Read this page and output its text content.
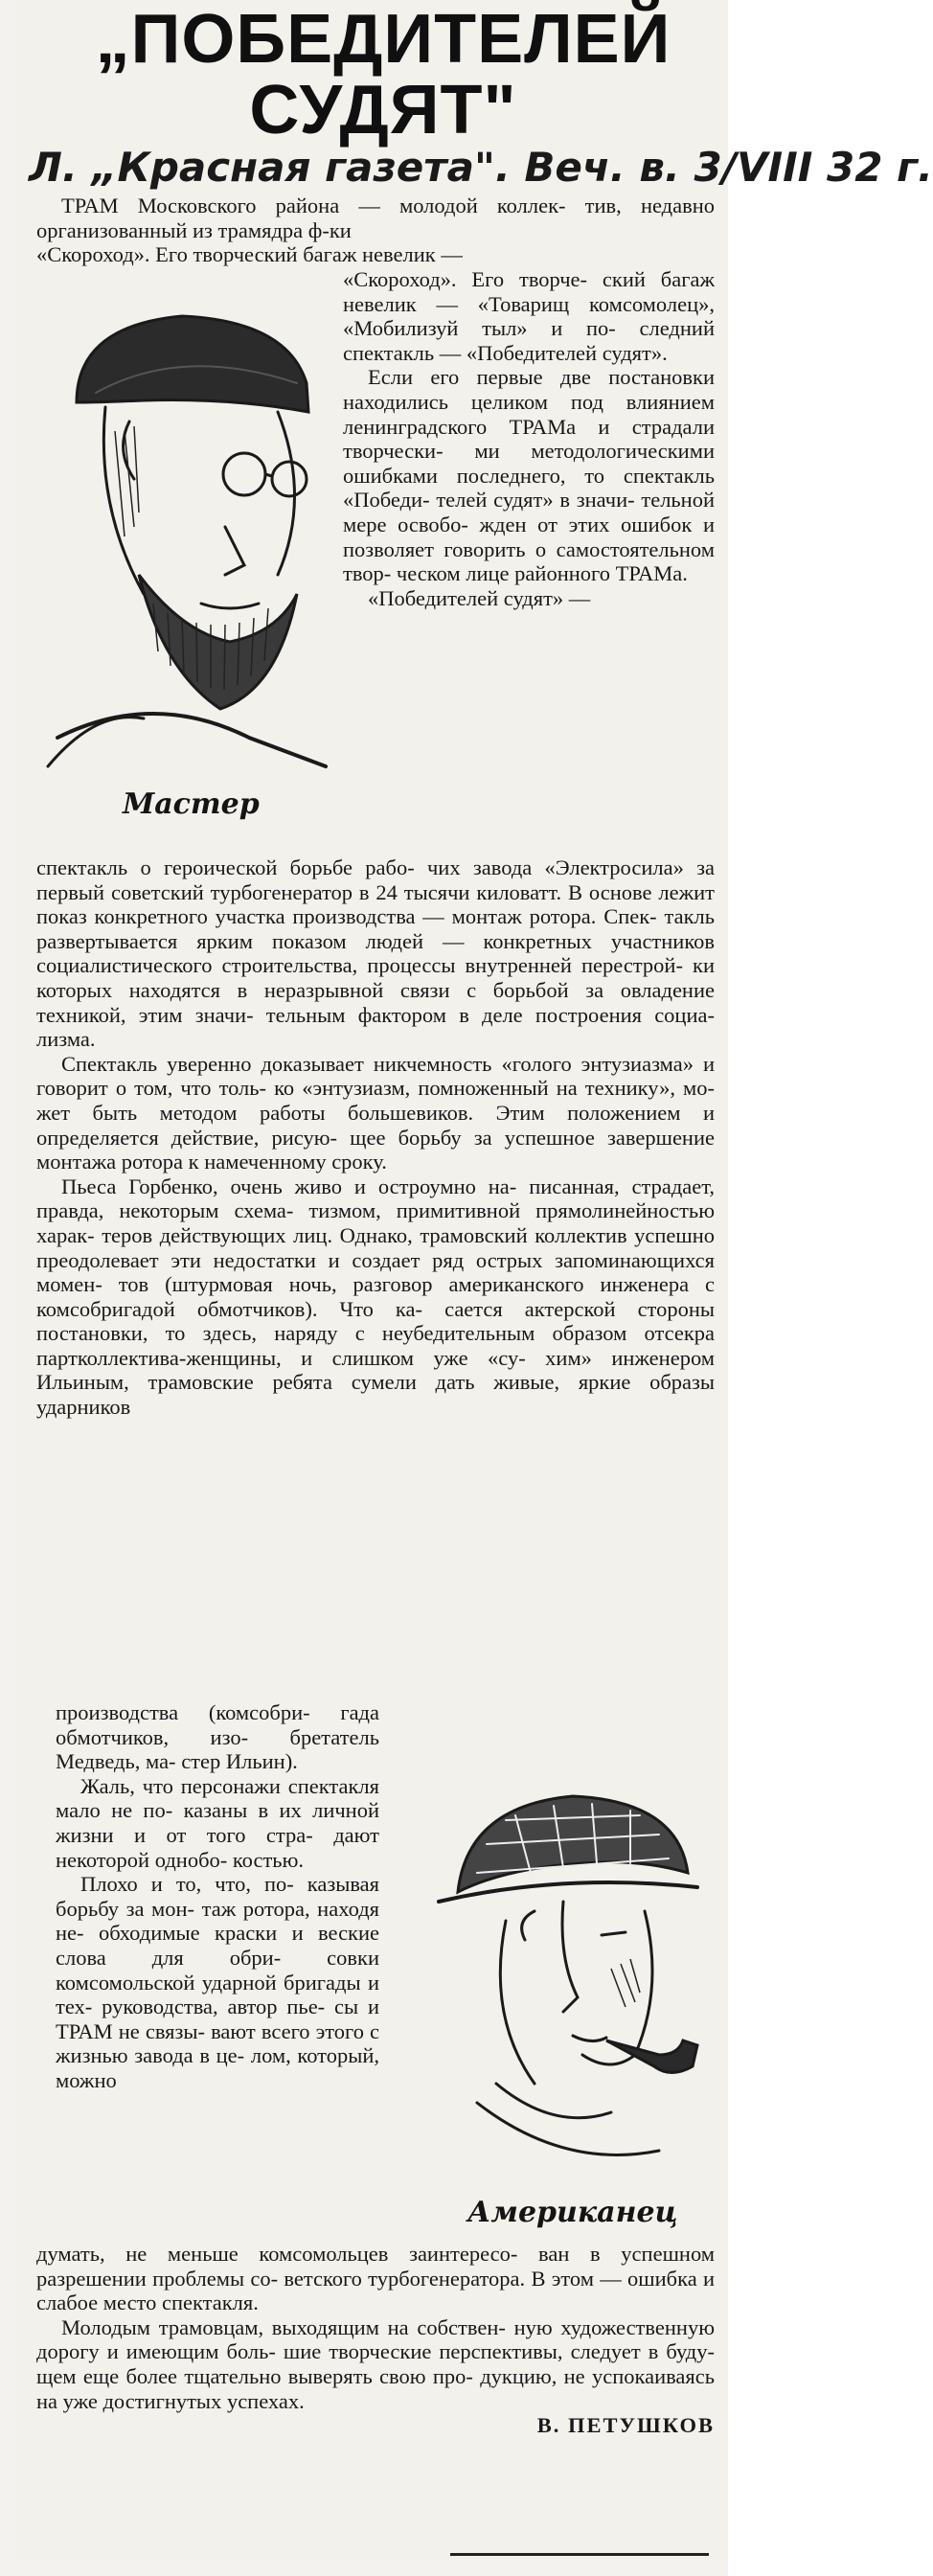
„ПОБЕДИТЕЛЕЙ СУДЯТ"
Л. „Красная газета". Веч. в. 3/VIII 32 г.

ТРАМ Московского района — молодой коллек- тив, недавно организованный из трамядра ф-ки

«Скороход». Его творческий багаж невелик —

«Скороход». Его творче- ский багаж невелик — «Товарищ комсомолец», «Мобилизуй тыл» и по- следний спектакль — «Победителей судят».

Если его первые две постановки находились целиком под влиянием ленинградского ТРАМа и страдали творчески- ми методологическими ошибками последнего, то спектакль «Победи- телей судят» в значи- тельной мере освобо- жден от этих ошибок и позволяет говорить о самостоятельном твор- ческом лице районного ТРАМа.

«Победителей судят» —

Мастер

спектакль о героической борьбе рабо- чих завода «Электросила» за первый советский турбогенератор в 24 тысячи киловатт. В основе лежит показ конкретного участка производства — монтаж ротора. Спек- такль развертывается ярким показом людей — конкретных участников социалистического строительства, процессы внутренней перестрой- ки которых находятся в неразрывной связи с борьбой за овладение техникой, этим значи- тельным фактором в деле построения социа- лизма.

Спектакль уверенно доказывает никчемность «голого энтузиазма» и говорит о том, что толь- ко «энтузиазм, помноженный на технику», мо- жет быть методом работы большевиков. Этим положением и определяется действие, рисую- щее борьбу за успешное завершение монтажа ротора к намеченному сроку.

Пьеса Горбенко, очень живо и остроумно на- писанная, страдает, правда, некоторым схема- тизмом, примитивной прямолинейностью харак- теров действующих лиц. Однако, трамовский коллектив успешно преодолевает эти недостатки и создает ряд острых запоминающихся момен- тов (штурмовая ночь, разговор американского инженера с комсобригадой обмотчиков). Что ка- сается актерской стороны постановки, то здесь, наряду с неубедительным образом отсекра партколлектива-женщины, и слишком уже «су- хим» инженером Ильиным, трамовские ребята сумели дать живые, яркие образы ударников

производства (комсобри- гада обмотчиков, изо- бретатель Медведь, ма- стер Ильин).

Жаль, что персонажи спектакля мало не по- казаны в их личной жизни и от того стра- дают некоторой однобо- костью.

Плохо и то, что, по- казывая борьбу за мон- таж ротора, находя не- обходимые краски и веские слова для обри- совки комсомольской ударной бригады и тех- руководства, автор пье- сы и ТРАМ не связы- вают всего этого с жизнью завода в це- лом, который, можно

Американец

думать, не меньше комсомольцев заинтересо- ван в успешном разрешении проблемы со- ветского турбогенератора. В этом — ошибка и слабое место спектакля.

Молодым трамовцам, выходящим на собствен- ную художественную дорогу и имеющим боль- шие творческие перспективы, следует в буду- щем еще более тщательно выверять свою про- дукцию, не успокаиваясь на уже достигнутых успехах.

В. ПЕТУШКОВ
